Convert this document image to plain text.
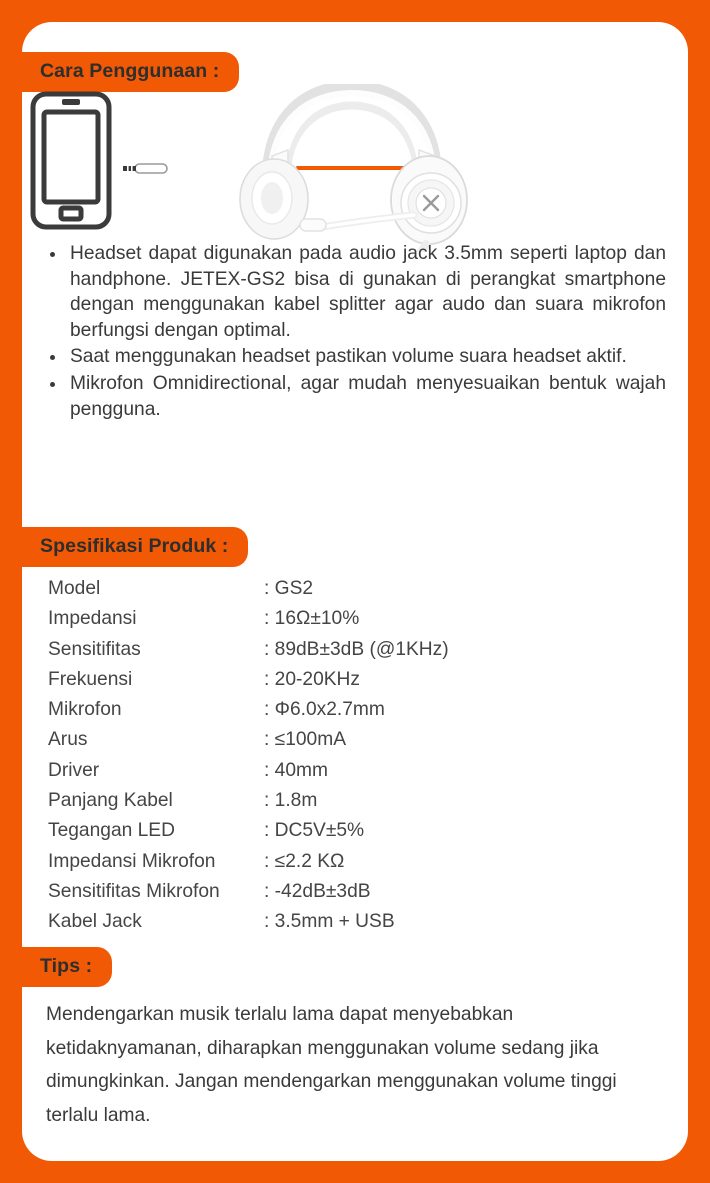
Cara Penggunaan :
Headset dapat digunakan pada audio jack 3.5mm seperti laptop dan handphone. JETEX-GS2 bisa di gunakan di perangkat smartphone dengan menggunakan kabel splitter agar audo dan suara mikrofon berfungsi dengan optimal.
Saat menggunakan headset pastikan volume suara headset aktif.
Mikrofon Omnidirectional, agar mudah menyesuaikan bentuk wajah pengguna.
Spesifikasi Produk :
Model	: GS2
Impedansi	: 16Ω±10%
Sensitifitas	: 89dB±3dB (@1KHz)
Frekuensi	: 20-20KHz
Mikrofon	: Φ6.0x2.7mm
Arus	: ≤100mA
Driver	: 40mm
Panjang Kabel	: 1.8m
Tegangan LED	: DC5V±5%
Impedansi Mikrofon	: ≤2.2 KΩ
Sensitifitas Mikrofon	: -42dB±3dB
Kabel Jack	: 3.5mm + USB
Tips :

Mendengarkan musik terlalu lama dapat menyebabkan ketidaknyamanan, diharapkan menggunakan volume sedang jika dimungkinkan. Jangan mendengarkan menggunakan volume tinggi terlalu lama.
